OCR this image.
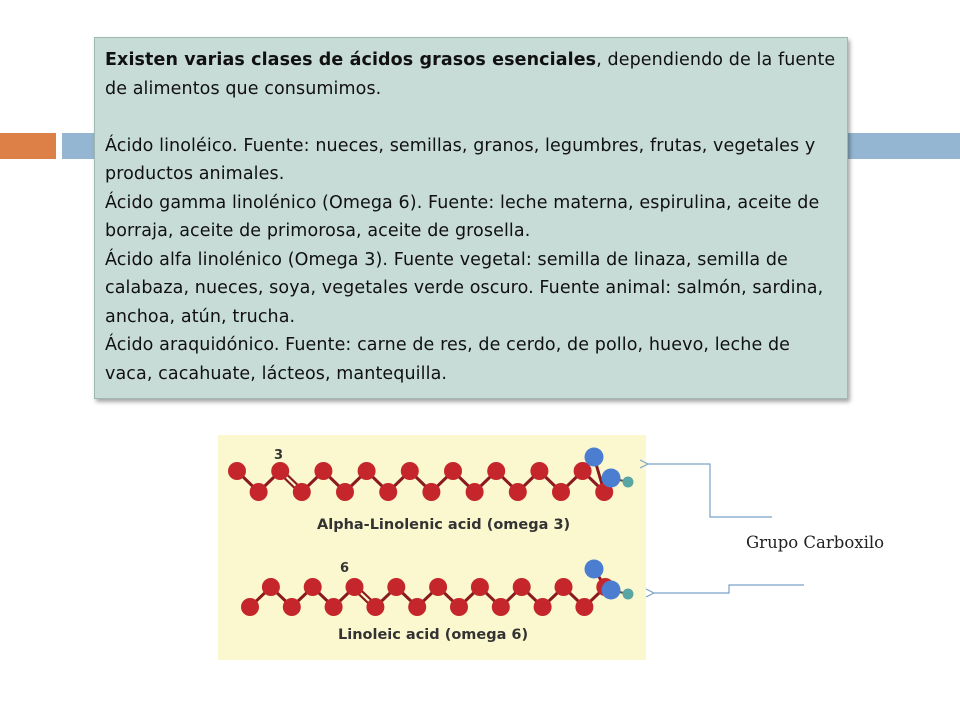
Existen varias clases de ácidos grasos esenciales, dependiendo de la fuente de alimentos que consumimos.

Ácido linoléico. Fuente: nueces, semillas, granos, legumbres, frutas, vegetales y productos animales.

Ácido gamma linolénico (Omega 6). Fuente: leche materna, espirulina, aceite de borraja, aceite de primorosa, aceite de grosella.

Ácido alfa linolénico (Omega 3). Fuente vegetal: semilla de linaza, semilla de calabaza, nueces, soya, vegetales verde oscuro. Fuente animal: salmón, sardina, anchoa, atún, trucha.

Ácido araquidónico. Fuente: carne de res, de cerdo, de pollo, huevo, leche de vaca, cacahuate, lácteos, mantequilla.

3
Alpha-Linolenic acid (omega 3)
6
Linoleic acid (omega 6)
Grupo Carboxilo
